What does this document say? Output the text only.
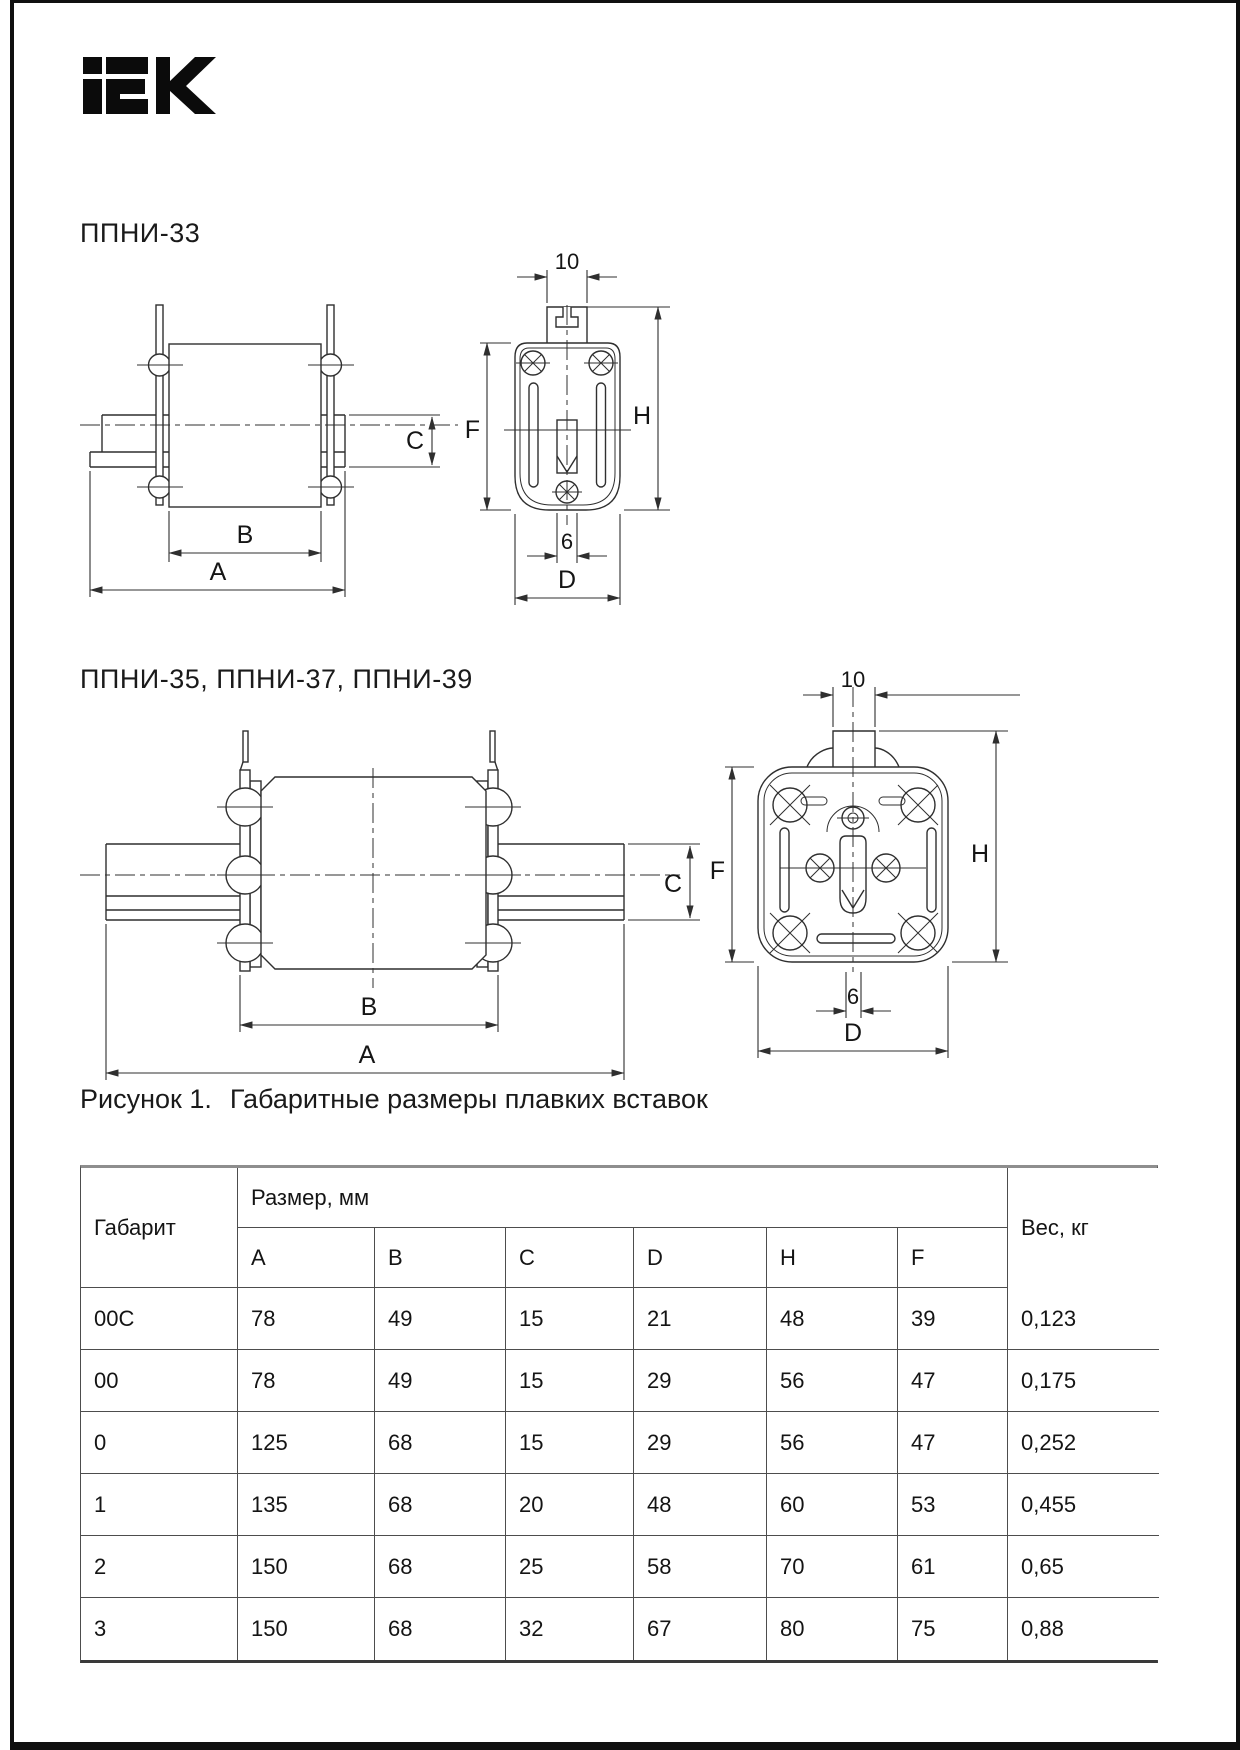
ППНИ-33
B
A
C
10
F	H
6
D
ППНИ-35, ППНИ-37, ППНИ-39
B
A
C
10
F
H
6
D
Рисунок 1. Габаритные размеры плавких вставок
Габарит
Размер, мм
Вес, кг
A	B	C	D	H	F
00C	78	49	15	21	48	39	0,123
00	78	49	15	29	56	47	0,175
0	125	68	15	29	56	47	0,252
1	135	68	20	48	60	53	0,455
2	150	68	25	58	70	61	0,65
3	150	68	32	67	80	75	0,88
